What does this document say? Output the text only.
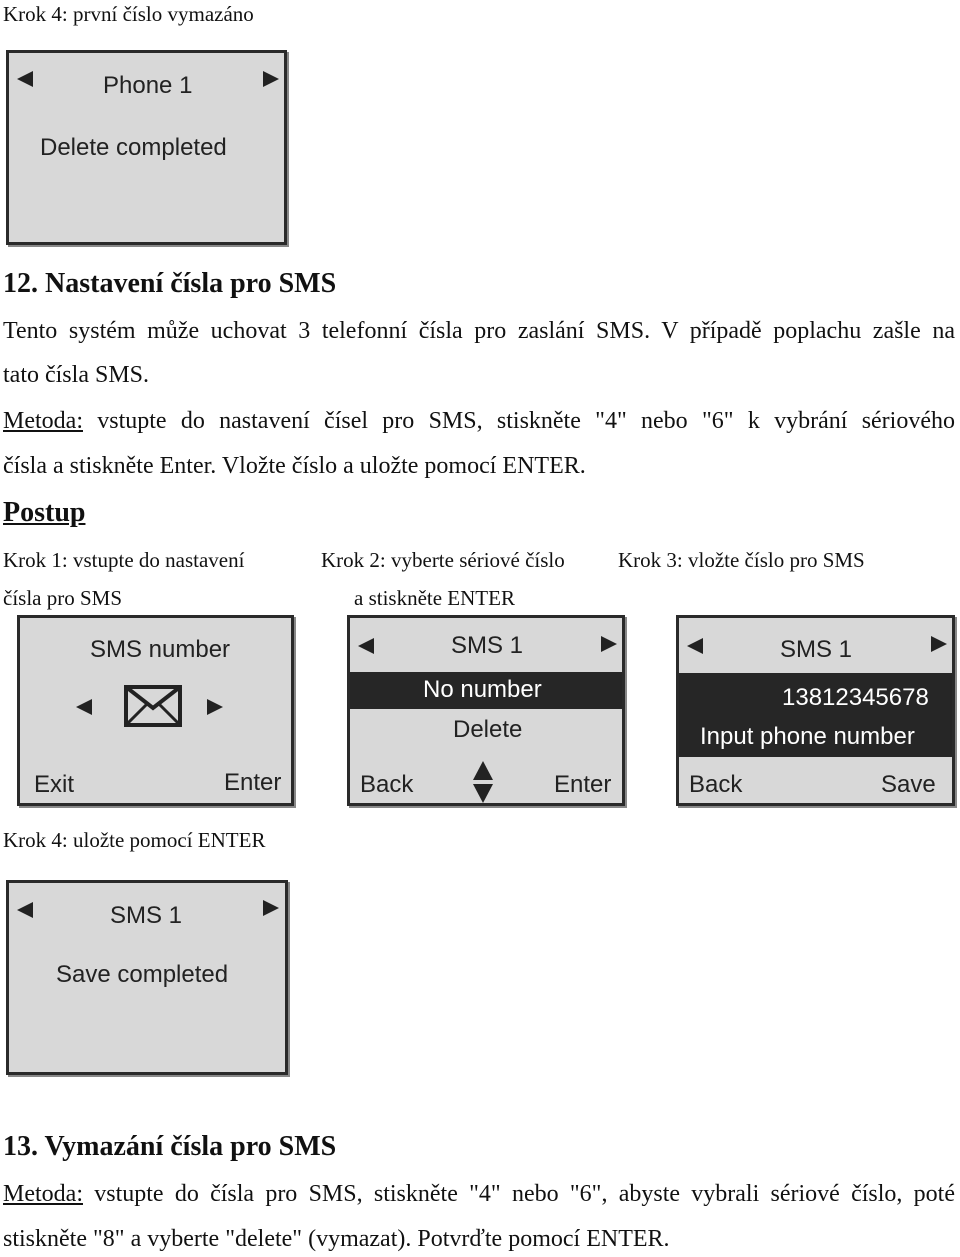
Krok 4: první číslo vymazáno
Phone 1
Delete completed
12. Nastavení čísla pro SMS
Tento systém může uchovat 3 telefonní čísla pro zaslání SMS. V případě poplachu zašle na
tato čísla SMS.
Metoda: vstupte do nastavení čísel pro SMS, stiskněte "4" nebo "6" k vybrání sériového
čísla a stiskněte Enter. Vložte číslo a uložte pomocí ENTER.
Postup
Krok 1: vstupte do nastavení
čísla pro SMS
Krok 2: vyberte sériové číslo
a stiskněte ENTER
Krok 3: vložte číslo pro SMS
SMS number
Exit	Enter
SMS 1
No number
Delete
Back	Enter
SMS 1
13812345678
Input phone number
Back	Save
Krok 4: uložte pomocí ENTER
SMS 1
Save completed
13. Vymazání čísla pro SMS
Metoda: vstupte do čísla pro SMS, stiskněte "4" nebo "6", abyste vybrali sériové číslo, poté
stiskněte "8" a vyberte "delete" (vymazat). Potvrďte pomocí ENTER.
